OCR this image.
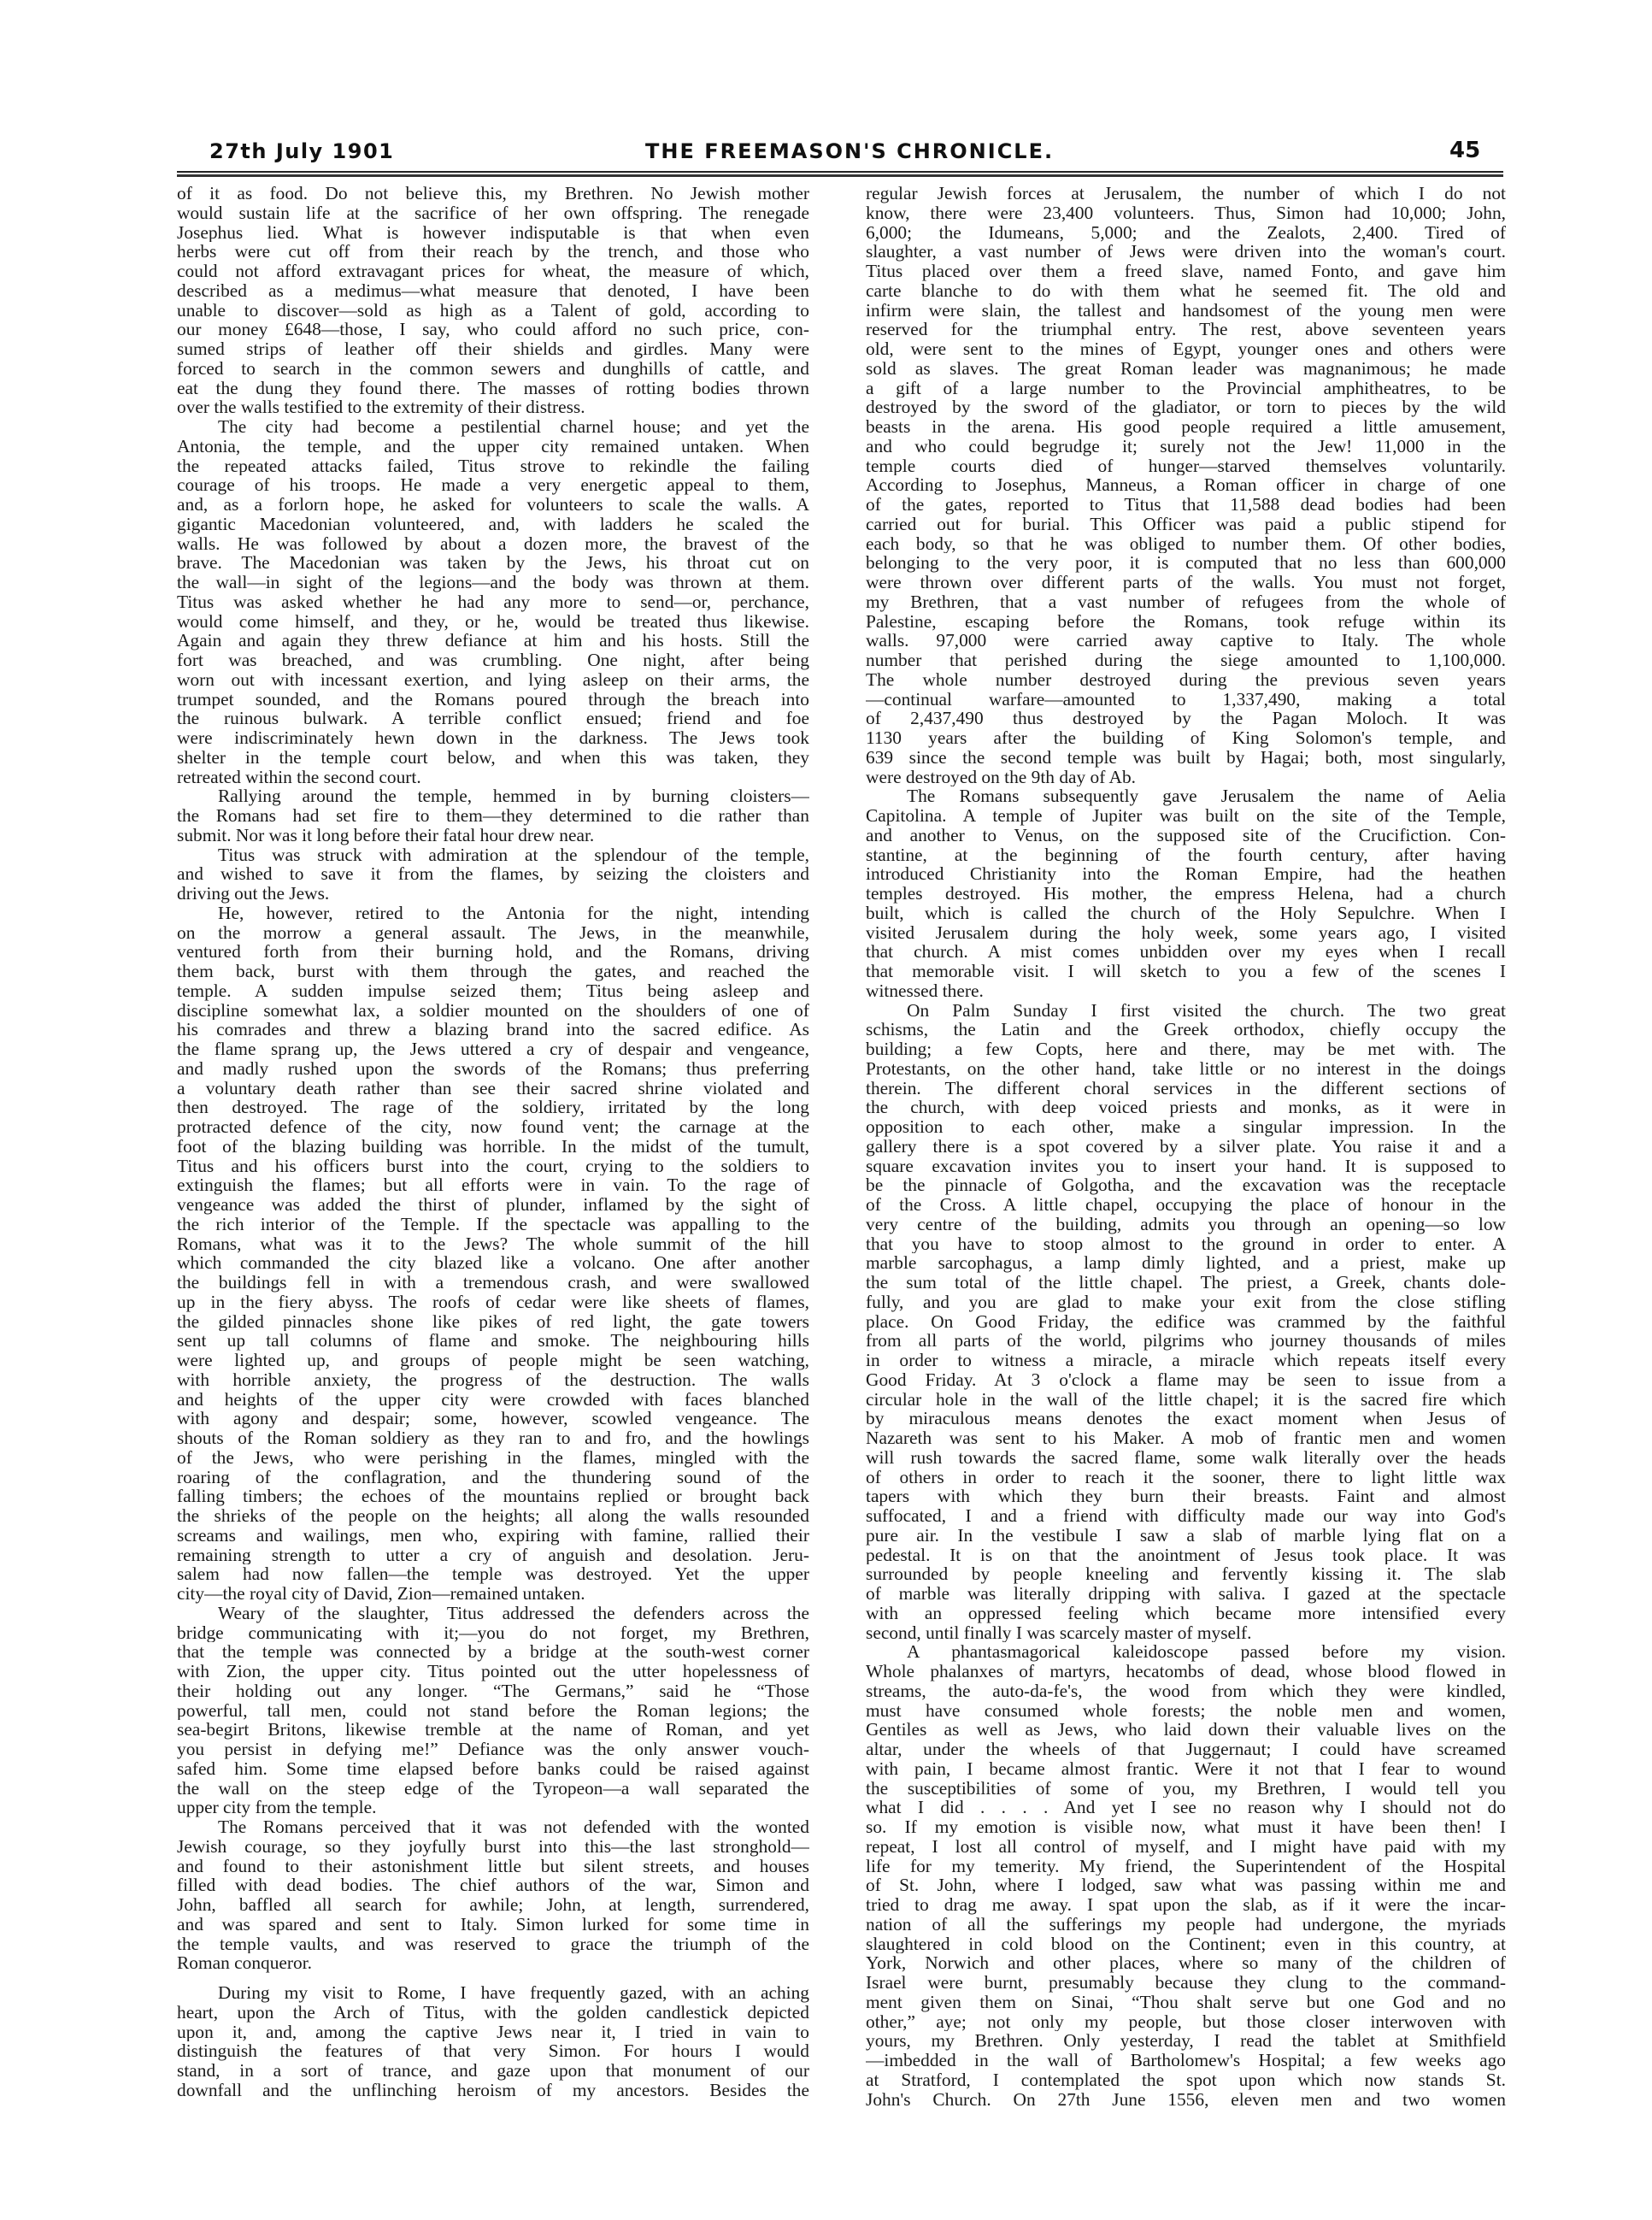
27th July 1901	THE FREEMASON'S CHRONICLE.	45
of it as food. Do not believe this, my Brethren. No Jewish mother
would sustain life at the sacrifice of her own offspring. The renegade
Josephus lied. What is however indisputable is that when even
herbs were cut off from their reach by the trench, and those who
could not afford extravagant prices for wheat, the measure of which,
described as a medimus—what measure that denoted, I have been
unable to discover—sold as high as a Talent of gold, according to
our money £648—those, I say, who could afford no such price, con-
sumed strips of leather off their shields and girdles. Many were
forced to search in the common sewers and dunghills of cattle, and
eat the dung they found there. The masses of rotting bodies thrown
over the walls testified to the extremity of their distress.
The city had become a pestilential charnel house; and yet the
Antonia, the temple, and the upper city remained untaken. When
the repeated attacks failed, Titus strove to rekindle the failing
courage of his troops. He made a very energetic appeal to them,
and, as a forlorn hope, he asked for volunteers to scale the walls. A
gigantic Macedonian volunteered, and, with ladders he scaled the
walls. He was followed by about a dozen more, the bravest of the
brave. The Macedonian was taken by the Jews, his throat cut on
the wall—in sight of the legions—and the body was thrown at them.
Titus was asked whether he had any more to send—or, perchance,
would come himself, and they, or he, would be treated thus likewise.
Again and again they threw defiance at him and his hosts. Still the
fort was breached, and was crumbling. One night, after being
worn out with incessant exertion, and lying asleep on their arms, the
trumpet sounded, and the Romans poured through the breach into
the ruinous bulwark. A terrible conflict ensued; friend and foe
were indiscriminately hewn down in the darkness. The Jews took
shelter in the temple court below, and when this was taken, they
retreated within the second court.
Rallying around the temple, hemmed in by burning cloisters—
the Romans had set fire to them—they determined to die rather than
submit. Nor was it long before their fatal hour drew near.
Titus was struck with admiration at the splendour of the temple,
and wished to save it from the flames, by seizing the cloisters and
driving out the Jews.
He, however, retired to the Antonia for the night, intending
on the morrow a general assault. The Jews, in the meanwhile,
ventured forth from their burning hold, and the Romans, driving
them back, burst with them through the gates, and reached the
temple. A sudden impulse seized them; Titus being asleep and
discipline somewhat lax, a soldier mounted on the shoulders of one of
his comrades and threw a blazing brand into the sacred edifice. As
the flame sprang up, the Jews uttered a cry of despair and vengeance,
and madly rushed upon the swords of the Romans; thus preferring
a voluntary death rather than see their sacred shrine violated and
then destroyed. The rage of the soldiery, irritated by the long
protracted defence of the city, now found vent; the carnage at the
foot of the blazing building was horrible. In the midst of the tumult,
Titus and his officers burst into the court, crying to the soldiers to
extinguish the flames; but all efforts were in vain. To the rage of
vengeance was added the thirst of plunder, inflamed by the sight of
the rich interior of the Temple. If the spectacle was appalling to the
Romans, what was it to the Jews? The whole summit of the hill
which commanded the city blazed like a volcano. One after another
the buildings fell in with a tremendous crash, and were swallowed
up in the fiery abyss. The roofs of cedar were like sheets of flames,
the gilded pinnacles shone like pikes of red light, the gate towers
sent up tall columns of flame and smoke. The neighbouring hills
were lighted up, and groups of people might be seen watching,
with horrible anxiety, the progress of the destruction. The walls
and heights of the upper city were crowded with faces blanched
with agony and despair; some, however, scowled vengeance. The
shouts of the Roman soldiery as they ran to and fro, and the howlings
of the Jews, who were perishing in the flames, mingled with the
roaring of the conflagration, and the thundering sound of the
falling timbers; the echoes of the mountains replied or brought back
the shrieks of the people on the heights; all along the walls resounded
screams and wailings, men who, expiring with famine, rallied their
remaining strength to utter a cry of anguish and desolation. Jeru-
salem had now fallen—the temple was destroyed. Yet the upper
city—the royal city of David, Zion—remained untaken.
Weary of the slaughter, Titus addressed the defenders across the
bridge communicating with it;—you do not forget, my Brethren,
that the temple was connected by a bridge at the south-west corner
with Zion, the upper city. Titus pointed out the utter hopelessness of
their holding out any longer. “The Germans,” said he “Those
powerful, tall men, could not stand before the Roman legions; the
sea-begirt Britons, likewise tremble at the name of Roman, and yet
you persist in defying me!” Defiance was the only answer vouch-
safed him. Some time elapsed before banks could be raised against
the wall on the steep edge of the Tyropeon—a wall separated the
upper city from the temple.
The Romans perceived that it was not defended with the wonted
Jewish courage, so they joyfully burst into this—the last stronghold—
and found to their astonishment little but silent streets, and houses
filled with dead bodies. The chief authors of the war, Simon and
John, baffled all search for awhile; John, at length, surrendered,
and was spared and sent to Italy. Simon lurked for some time in
the temple vaults, and was reserved to grace the triumph of the
Roman conqueror.
During my visit to Rome, I have frequently gazed, with an aching
heart, upon the Arch of Titus, with the golden candlestick depicted
upon it, and, among the captive Jews near it, I tried in vain to
distinguish the features of that very Simon. For hours I would
stand, in a sort of trance, and gaze upon that monument of our
downfall and the unflinching heroism of my ancestors. Besides the
regular Jewish forces at Jerusalem, the number of which I do not
know, there were 23,400 volunteers. Thus, Simon had 10,000; John,
6,000; the Idumeans, 5,000; and the Zealots, 2,400. Tired of
slaughter, a vast number of Jews were driven into the woman's court.
Titus placed over them a freed slave, named Fonto, and gave him
carte blanche to do with them what he seemed fit. The old and
infirm were slain, the tallest and handsomest of the young men were
reserved for the triumphal entry. The rest, above seventeen years
old, were sent to the mines of Egypt, younger ones and others were
sold as slaves. The great Roman leader was magnanimous; he made
a gift of a large number to the Provincial amphitheatres, to be
destroyed by the sword of the gladiator, or torn to pieces by the wild
beasts in the arena. His good people required a little amusement,
and who could begrudge it; surely not the Jew! 11,000 in the
temple courts died of hunger—starved themselves voluntarily.
According to Josephus, Manneus, a Roman officer in charge of one
of the gates, reported to Titus that 11,588 dead bodies had been
carried out for burial. This Officer was paid a public stipend for
each body, so that he was obliged to number them. Of other bodies,
belonging to the very poor, it is computed that no less than 600,000
were thrown over different parts of the walls. You must not forget,
my Brethren, that a vast number of refugees from the whole of
Palestine, escaping before the Romans, took refuge within its
walls. 97,000 were carried away captive to Italy. The whole
number that perished during the siege amounted to 1,100,000.
The whole number destroyed during the previous seven years
—continual warfare—amounted to 1,337,490, making a total
of 2,437,490 thus destroyed by the Pagan Moloch. It was
1130 years after the building of King Solomon's temple, and
639 since the second temple was built by Hagai; both, most singularly,
were destroyed on the 9th day of Ab.
The Romans subsequently gave Jerusalem the name of Aelia
Capitolina. A temple of Jupiter was built on the site of the Temple,
and another to Venus, on the supposed site of the Crucifiction. Con-
stantine, at the beginning of the fourth century, after having
introduced Christianity into the Roman Empire, had the heathen
temples destroyed. His mother, the empress Helena, had a church
built, which is called the church of the Holy Sepulchre. When I
visited Jerusalem during the holy week, some years ago, I visited
that church. A mist comes unbidden over my eyes when I recall
that memorable visit. I will sketch to you a few of the scenes I
witnessed there.
On Palm Sunday I first visited the church. The two great
schisms, the Latin and the Greek orthodox, chiefly occupy the
building; a few Copts, here and there, may be met with. The
Protestants, on the other hand, take little or no interest in the doings
therein. The different choral services in the different sections of
the church, with deep voiced priests and monks, as it were in
opposition to each other, make a singular impression. In the
gallery there is a spot covered by a silver plate. You raise it and a
square excavation invites you to insert your hand. It is supposed to
be the pinnacle of Golgotha, and the excavation was the receptacle
of the Cross. A little chapel, occupying the place of honour in the
very centre of the building, admits you through an opening—so low
that you have to stoop almost to the ground in order to enter. A
marble sarcophagus, a lamp dimly lighted, and a priest, make up
the sum total of the little chapel. The priest, a Greek, chants dole-
fully, and you are glad to make your exit from the close stifling
place. On Good Friday, the edifice was crammed by the faithful
from all parts of the world, pilgrims who journey thousands of miles
in order to witness a miracle, a miracle which repeats itself every
Good Friday. At 3 o'clock a flame may be seen to issue from a
circular hole in the wall of the little chapel; it is the sacred fire which
by miraculous means denotes the exact moment when Jesus of
Nazareth was sent to his Maker. A mob of frantic men and women
will rush towards the sacred flame, some walk literally over the heads
of others in order to reach it the sooner, there to light little wax
tapers with which they burn their breasts. Faint and almost
suffocated, I and a friend with difficulty made our way into God's
pure air. In the vestibule I saw a slab of marble lying flat on a
pedestal. It is on that the anointment of Jesus took place. It was
surrounded by people kneeling and fervently kissing it. The slab
of marble was literally dripping with saliva. I gazed at the spectacle
with an oppressed feeling which became more intensified every
second, until finally I was scarcely master of myself.
A phantasmagorical kaleidoscope passed before my vision.
Whole phalanxes of martyrs, hecatombs of dead, whose blood flowed in
streams, the auto-da-fe's, the wood from which they were kindled,
must have consumed whole forests; the noble men and women,
Gentiles as well as Jews, who laid down their valuable lives on the
altar, under the wheels of that Juggernaut; I could have screamed
with pain, I became almost frantic. Were it not that I fear to wound
the susceptibilities of some of you, my Brethren, I would tell you
what I did . . . . And yet I see no reason why I should not do
so. If my emotion is visible now, what must it have been then! I
repeat, I lost all control of myself, and I might have paid with my
life for my temerity. My friend, the Superintendent of the Hospital
of St. John, where I lodged, saw what was passing within me and
tried to drag me away. I spat upon the slab, as if it were the incar-
nation of all the sufferings my people had undergone, the myriads
slaughtered in cold blood on the Continent; even in this country, at
York, Norwich and other places, where so many of the children of
Israel were burnt, presumably because they clung to the command-
ment given them on Sinai, “Thou shalt serve but one God and no
other,” aye; not only my people, but those closer interwoven with
yours, my Brethren. Only yesterday, I read the tablet at Smithfield
—imbedded in the wall of Bartholomew's Hospital; a few weeks ago
at Stratford, I contemplated the spot upon which now stands St.
John's Church. On 27th June 1556, eleven men and two women
